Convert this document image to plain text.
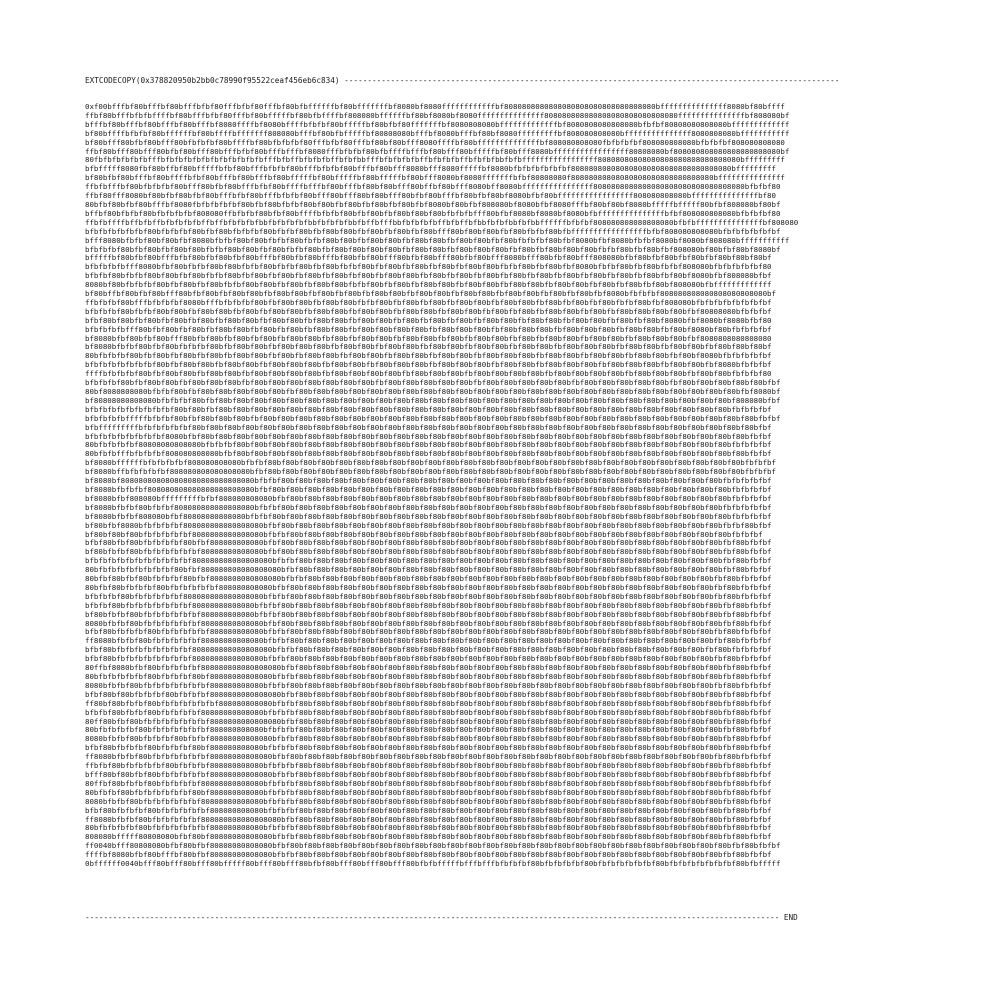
EXTCODECOPY(0x378820950b2bb0c78990f95522ceaf456eb6c834) -----------------------------------------------------------------------------------------------------------
0xf00bfffbf80bfffbf80bfffbfbf80fffbfbf80fffbf80bfbffffffbf80bfffffffbf8080bf8080ffffffffffffbf8080808080808080808080808080808080bfffffffffffffff8080bf80bffff
ffbf80bfffbfbfbffffbf80bfffbfbf80fffbf80bfffffbf80bfbffffbf808080bffffffbf80bf8080bf8080fffffffffffffff808080808080808080808080808080fffffffffffffffbf808080bf
bfffbf80bfffbf80bfffbf80bfffbf8080ffffbf8080bffffbfbfbf80bfffffbf80bfbf80fffffffbf8080808080bfffffffffffffbf8080808080808080bfbfbf80808080808080bfffffffffffff
bf80bffffbfbfbf80bffffffbf80bffffbfffffff808080bfffbf80bfbfffffbf80808080bfffbf8080bfffbf80bf8080fffffffffbf808080808080bfffffffffffffff8080808080bfffffffffff
bf80bfff80bfbf80bfff80bfbfbfbf80bffffbf80bfbfbfbf80fffbfbf80fffbf80bf80bfff8080ffffbf80bffffffffffffffbf808080808080fbfbfbfbf808080808080bfbfbfbf808080808080
ffbf80bfff80bfff80bfbf80bfff80bfffbfbf80bfffbfffbf8080fffbfbfbf80bfbffffbfffbf80bfff80bfffffbf80bfff8080bfffffffffffffffff80808080bf808080808080808080808080bf
80fbfbfbfbfbfbfffbfbfbfbfbfbfbfbfbfbfbfbfffbfbffbfbfbfbffbfbfbbfffbfbfbfbfbffbfbfbfbffbfbfbfbbfbfbfffffffffffffffff80808080808080808080808080808080bfffffffff
bfbfffff8080fbf80bffbf80bfffffbfbf80bfffbfbfbf80bfffbfbfbf80bfffbf80bfff8080bfff8080fffffbf8080bfbfbfbfbfbfbf808080808080808080808080808080808080bfffffffff
bf80bfbf80bfffbf80bffffbfbf80bfffbf80bfffbf80bfffffbf80bfffffbf80bfffffbf80bfff8080bf8080fffffffbfbf80808080f80808080808080808080808080808080bfffffffffffffff
ffbfbfffbf80bfbfbfbf80bfff80bfbf80bfffbfbf80bffffbfffbf80bfffbf80bf80bfff80bffbf80bfff8080bff8080bffffffffffffffff8080808080808080808080808080808080bfbfbf80
ffbf80fff8080bf80bfbf80bfbf80bfffbfbf80bfffbfbfbf80bfff80bfff80bf80bfff80bfbf80bfffbf80bfbf80bf8080bfbf80bfffffffffffffffff808080808080bfffffffffffffffbf80
80bfbf80bfbf80bfffbf8080fbfbfbfbfbf80bfbf80bfbfbf80bf80bfbf80bfbf80bfbf80bfbf8080bf80bfbf808080bf8080bfbf8080fffbf80bf80bf8080bfffffbfffff80bfbf808080bf80bf
bffbf80bfbfbf80bfbfbfbfbf808080ffbfbfbf80bfbf80bffffbfbfbf80bfbf80bfbf80bf80bf80bfbfbfbfff80bfbf8080bf8080bf8080bfbfffffffffffffffbfbf808080808080bfbfbfbf80
ffbfbffffbffbfbffbfbfbfbfbffbffbfbfbfbfbbfbfbfbfbfbbfbfbfbfbbfbffbfffbbfbfbfbfbffbfbffbfbbfbfbfbbfbfbbffffffbfbfbf808080808080808080bfbfbfffffffffffffffbf808080
bfbfbfbfbfbfbf80bfbfbfbf80bfbf80bfbfbfbf80bfbfbf80bfbf80bf80bfbf80bfbf80bfbf80bfff80bf80bf80bfbf80bfbfbf80bfbfffffffffffffffffbfbf808080808080bfbfbfbfbfbfbf
bfff8080bfbfbf80bf80bfbf8080bfbfbf80bf80bfbfbf80bfbfbf80bf80bfbf80bf80bfbf80bf80bfbf80bf80bfbf80bfbfbfbf80bfbf8080bfbf8080bfbfbf8080bf8080bf808080bfffffffffff
bfbfbfbf80bfbf80bfbf80bf80bfbfbf80bf80bfbf80bfbfbf80bfbf80bf80bf80bf80bfbf80bf80bfbf80bf80bf80bfbf80bfbf80bf80bf80bfbfbf80bfbf80bfbf808080bf80bfbf80bf8080bf
bfffffbf80bfbf80bfffbfbf80bfbf80bfbf80bfffbf80bfbf80bfffbf80bfbf80bfff80bfbf80bfff80bfbf80bfff8080bfff80bfbf80bfff808080bfbf80bfbf80bfbf80bfbf80bf80bf80bf
bfbfbfbfbfff8080bfbf80bfbfbf80bf80bfbfbf80bfbfbf80bfbf80bfbfbf80bfbf80bfbf80bfbf80bfbf80bf80bfbfbf80bfbf80bfbf8080bfbfbf80bfbf80bfbfbf808080bfbfbfbfbfbf80
bfbfbf80bfbfbf80bf80bfbf80bfbfbf80bfbf80bfbf80bfbf80bfbf80bfbf80bfbf80bf80bfbf80bfbf80bfbf80bfbf80bfbf80bfbf80bfbf80bfbf80bfbf80bfbf80bf8080bfbf808080bfbf
8080bf80bfbfbfbf80bfbf80bfbf80bfbfbf80bf80bfbf80bfbf80bf80bfbfbf80bfbf80bfbf80bf80bfbf80bf80bfbf80bf80bfbf80bf80bfbf80bfbf80bfbf80bf808080bfbfffffffffffff
bf80bffbf80bfbf80bfff80bfbf80bfbf80bf80bfbf80bf80bfbf80bfbf80bfbf80bf80bfbf80bf80bfbf80bf80bfbf80bf80bfbf80bfbf80bfbf8080bfbfbfbf808080808080808080808080bf
ffbfbfbf80bfffbfbfbfbf8080bfffbfbfbfbf80bfbf80bf80bfbf80bf80bfbfbf80bfbf80bfbf80bfbf80bf80bfbf80bf80bfbf80bfbf80bfbf80bfbfbf80bfbf808080bfbfbfbfbfbfbfbfbf
bfbfbfbf80bfbfbf80bf80bfbf80bf80bfbf80bfbf80bf80bfbf80bf80bfbf80bf80bfbf80bf80bfbf80bf80bfbf80bfbf80bfbf80bf80bfbf80bfbf80bf80bf80bf80bfbf80808080bfbfbfbf
bfbf80bf80bfbf80bfbf80bfbf80bfbf80bf80bfbf80bf80bfbf80bf80bfbf80bf80bfbf80bfbf80bfbf80bfbf80bf80bfbf80bf80bfbf80bf80bfbf80bfbf80bf8080bfbf8080bf8080bfbf80
bfbfbfbfbfff80bfbf80bfbf80bfbf80bf80bfbf80bfbf80bfbf80bf80bfbf80bf80bf80bf80bfbf80bf80bf80bfbf80bf80bf80bfbf80bf80bf80bfbf80bf80bfbf80bf8080bf80bfbfbfbfbf
bf8080bfbf80bfbf80bfff80bfbf80bfbf80bfbf80bfbf80bf80bfbf80bfbf80bf80bfbf80bf80bfbf80bfbf80bf80bfbf80bfbf80bf80bfbf80bf80bfbf80bf80bf80bfbf8080808080808080
bf8080bfbfbf80bfbf80bfbfbfbf80bfbf80bf80bfbf80bf80bf80bfbf80bf80bfbf80bf80bfbf80bf80bfbf80bf80bfbf80bf80bfbf80bf80bf80bfbf80bf80bfbf80bf80bfbf80bf80bf80bf
80bfbfbfbf80bfbf80bfbf80bfbf80bfbf80bf80bfbf80bfbf80bf80bfbf80bf80bfbf80bf80bfbf80bf80bfbf80bf80bf80bfbf80bf80bfbf80bf80bfbf80bf80bfbf80bf8080bfbfbfbfbfbf
bfbfbfbfbfbfbfbf80bfbf80bf80bfbf80bf80bfbf80bf80bf80bfbf80bf80bfbf80bf80bf80bfbf80bf80bf80bfbf80bf80bfbf80bf80bf80bfbf80bf80bf80bfbf80bf80bfbf8080bfbfbfbf
ffffbfbfbfbf80bfbf80bf80bfbf80bf80bfbf80bf80bf80bf80bfbf80bf80bf80bf80bfbf80bf80bf80bfbf80bf80bf80bf80bfbf80bf80bf80bf80bfbf80bf80bf80bfbf80bf80bfbfbfbf80
bfbfbfbf80bfbf80bf80bfbf80bf80bf80bfbf80bf80bf80bf80bf80bf80bf80bfbf80bf80bf80bf80bf80bfbf80bf80bf80bf80bf80bfbf80bf80bf80bf80bf80bfbf80bf80bf80bf80bf80bfbf
80bf8080808080bfbfbf80bfbf80bf80bf80bf80bf80bfbf80bf80bf80bf80bf80bf80bf80bf80bf80bf80bf80bf80bf80bf80bf80bf80bf80bf80bf80bf80bf80bf80bf80bf80bf80bfbf8080bf
bf80808080808080bfbfbfbf80bfbf80bf80bf80bf80bf80bf80bf80bf80bf80bf80bf80bf80bf80bf80bf80bf80bf80bf80bf80bf80bf80bf80bf80bf80bf80bf80bf80bf80bf80bf808080bfbf
bfbfbfbfbfbfbfbfbfbf80bf80bfbf80bf80bf80bf80bf80bf80bf80bf80bf80bf80bf80bf80bf80bf80bf80bf80bf80bf80bf80bf80bf80bf80bf80bf80bf80bf80bf80bf80bf80bfbfbfbfbf
bfbfbfbfbfffffbfbfbf80bfbf80bf80bf80bfbf80bf80bf80bf80bf80bf80bf80bf80bf80bf80bf80bf80bf80bf80bf80bf80bf80bf80bf80bf80bf80bf80bf80bf80bf80bf80bf80bf80bfbfbf
bfbfffffffffbfbfbfbfbfbf80bf80bf80bf80bf80bf80bf80bf80bf80bf80bf80bf80bf80bf80bf80bf80bf80bf80bf80bf80bf80bf80bf80bf80bf80bf80bf80bf80bf80bf80bf80bf80bfbf
bfbfbfbfbfbfbfbfbf8080bfbf80bf80bf80bf80bf80bf80bf80bf80bf80bf80bf80bf80bf80bf80bf80bf80bf80bf80bf80bf80bf80bf80bf80bf80bf80bf80bf80bf80bf80bf80bf80bfbfbf
80bfbfbfbfbf80808080808080bfbfbfbf80bf80bf80bf80bf80bf80bf80bf80bf80bf80bf80bf80bf80bf80bf80bf80bf80bf80bf80bf80bf80bf80bf80bf80bf80bf80bf80bf80bfbfbfbfbf
80bfbfbfffbfbfbfbf808080808080bfbf80bf80bf80bf80bf80bf80bf80bf80bf80bf80bf80bf80bf80bf80bf80bf80bf80bf80bf80bf80bf80bf80bf80bf80bf80bf80bf80bf80bf80bfbfbf
bf8080bffffffbfbfbfbfbf808080808080bfbfbf80bf80bf80bf80bf80bf80bf80bf80bf80bf80bf80bf80bf80bf80bf80bf80bf80bf80bf80bf80bf80bf80bf80bf80bf80bf80bf80bfbfbfbf
bf8080bffbfbfbfbfbf808080808080808080bfbf80bf80bf80bf80bf80bf80bf80bf80bf80bf80bf80bf80bf80bf80bf80bf80bf80bf80bf80bf80bf80bf80bf80bf80bf80bf80bf80bfbfbfbf
bf8080bf808080808080808080808080808080bfbfbf80bf80bf80bf80bf80bf80bf80bf80bf80bf80bf80bf80bf80bf80bf80bf80bf80bf80bf80bf80bf80bf80bf80bf80bf80bfbfbfbfbfbf
bf8080bfbfbfbf808080808080808080808080bfbf80bf80bf80bf80bf80bf80bf80bf80bf80bf80bf80bf80bf80bf80bf80bf80bf80bf80bf80bf80bf80bf80bf80bf80bf80bf80bfbfbfbfbf
bf8080bfbf808080bfffffffffbfbf808080808080bfbf80bf80bf80bf80bf80bf80bf80bf80bf80bf80bf80bf80bf80bf80bf80bf80bf80bf80bf80bf80bf80bf80bf80bf80bf80bfbfbfbfbf
bf8080bfbfbf80bfbfbf808080808080808080bfbfbf80bf80bf80bf80bf80bf80bf80bf80bf80bf80bf80bf80bf80bf80bf80bf80bf80bf80bf80bf80bf80bf80bf80bf80bf80bfbfbfbfbfbf
bf8080bfbfbf808080bfbf80808080808080bfbfbf80bf80bf80bf80bf80bf80bf80bf80bf80bf80bf80bf80bf80bf80bf80bf80bf80bf80bf80bf80bf80bf80bf80bf80bf80bf80bfbfbfbfbf
bf80bfbf8080bfbfbfbfbf808080808080808080bfbf80bf80bf80bf80bf80bf80bf80bf80bf80bf80bf80bf80bf80bf80bf80bf80bf80bf80bf80bf80bf80bf80bf80bf80bf80bfbfbf80bfbf
bf80bf80bf80bfbfbfbfbfbf8080808080808080bfbfbf80bf80bf80bf80bf80bf80bf80bf80bf80bf80bf80bf80bf80bf80bf80bf80bf80bf80bf80bf80bf80bf80bf80bf80bf80bfbfbfbf
bfbf80bfbf80bfbfbfbfbf80bfbf808080808080bfbf80bf80bf80bf80bf80bf80bf80bf80bf80bf80bf80bf80bf80bf80bf80bf80bf80bf80bf80bf80bf80bf80bf80bf80bf80bfbf80bfbfbf
bf80bfbfbf80bfbfbfbfbfbfbf80808080808080bfbf80bf80bf80bf80bf80bf80bf80bf80bf80bf80bf80bf80bf80bf80bf80bf80bf80bf80bf80bf80bf80bf80bf80bf80bf80bfbf80bfbfbf
bfbfbfbfbfbfbfbfbfbfbfbf808080808080808080bfbfbf80bf80bf80bf80bf80bf80bf80bf80bf80bf80bf80bf80bf80bf80bf80bf80bf80bf80bf80bf80bf80bf80bf80bf80bfbf80bfbfbf
80bfbfbfbfbfbfbfbfbf80bfbf808080808080808080bfbf80bf80bf80bf80bf80bf80bf80bf80bf80bf80bf80bf80bf80bf80bf80bf80bf80bf80bf80bf80bf80bf80bf80bf80bfbf80bfbfbf
80bfbf80bfbf80bfbfbfbf80bfbf8080808080808080bfbfbf80bf80bf80bf80bf80bf80bf80bf80bf80bf80bf80bf80bf80bf80bf80bf80bf80bf80bf80bf80bf80bf80bf80bfbf80bfbfbfbf
80bfbf80bfbfbfbf80bfbfbfbfbfbf808080808080bfbf80bf80bf80bf80bf80bf80bf80bf80bf80bf80bf80bf80bf80bf80bf80bf80bf80bf80bf80bf80bf80bf80bf80bf80bfbf80bfbfbfbf
bfbfbfbf80bfbfbfbfbfbf808080808080808080bfbfbf80bf80bf80bf80bf80bf80bf80bf80bf80bf80bf80bf80bf80bf80bf80bf80bf80bf80bf80bf80bf80bf80bf80bf80bfbf80bfbfbfbf
bfbfbf80bfbfbfbfbfbfbfbf80808080808080bfbfbf80bf80bf80bf80bf80bf80bf80bf80bf80bf80bf80bf80bf80bf80bf80bf80bf80bf80bf80bf80bf80bf80bf80bf80bf80bfbf80bfbfbf
bf80bfbfbf80bfbfbfbfbfbfbf808080808080bfbfbf80bf80bf80bf80bf80bf80bf80bf80bf80bf80bf80bf80bf80bf80bf80bf80bf80bf80bf80bf80bf80bf80bf80bf80bf80bfbf80bfbfbf
8080bfbfbf80bfbfbfbfbfbfbf80808080808080bfbf80bf80bf80bf80bf80bf80bf80bf80bf80bf80bf80bf80bf80bf80bf80bf80bf80bf80bf80bf80bf80bf80bf80bf80bf80bfbf80bfbfbf
bfbf80bfbfbfbf80bfbfbfbfbfbf808080808080bfbfbf80bf80bf80bf80bf80bf80bf80bf80bf80bf80bf80bf80bf80bf80bf80bf80bf80bf80bf80bf80bf80bf80bf80bf80bfbf80bfbfbfbf
ff8080bfbfbf80bfbfbfbfbfbf80808080808080bfbfbf80bf80bf80bf80bf80bf80bf80bf80bf80bf80bf80bf80bf80bf80bf80bf80bf80bf80bf80bf80bf80bf80bf80bf80bfbf80bfbfbfbf
bfbf80bfbfbfbfbfbfbfbfbf808080808080808080bfbfbf80bf80bf80bf80bf80bf80bf80bf80bf80bf80bf80bf80bf80bf80bf80bf80bf80bf80bf80bf80bf80bf80bf80bfbf80bfbfbfbfbf
bfbf80bfbfbfbfbfbfbfbfbf8080808080808080bfbfbf80bf80bf80bf80bf80bf80bf80bf80bf80bf80bf80bf80bf80bf80bf80bf80bf80bf80bf80bf80bf80bf80bf80bf80bfbf80bfbfbfbf
80ffbf8080bfbf80bfbfbfbfbf808080808080808080bfbf80bf80bf80bf80bf80bf80bf80bf80bf80bf80bf80bf80bf80bf80bf80bf80bf80bf80bf80bf80bf80bf80bf80bf80bfbf80bfbfbf
80bfbfbfbfbfbf80bfbfbfbf80bf80808080808080bfbfbf80bf80bf80bf80bf80bf80bf80bf80bf80bf80bf80bf80bf80bf80bf80bf80bf80bf80bf80bf80bf80bf80bf80bf80bfbf80bfbfbf
8080bfbfbf80bfbfbfbfbfbfbfbf808080808080bfbfbf80bf80bf80bf80bf80bf80bf80bf80bf80bf80bf80bf80bf80bf80bf80bf80bf80bf80bf80bf80bf80bf80bf80bf80bfbf80bfbfbfbf
bfbf80bf80bfbfbfbf80bfbfbfbf8080808080808080bfbf80bf80bf80bf80bf80bf80bf80bf80bf80bf80bf80bf80bf80bf80bf80bf80bf80bf80bf80bf80bf80bf80bf80bf80bfbf80bfbfbf
ff80bf80bfbfbf80bfbfbfbfbfbfbf808080808080bfbfbf80bf80bf80bf80bf80bf80bf80bf80bf80bf80bf80bf80bf80bf80bf80bf80bf80bf80bf80bf80bf80bf80bf80bf80bfbf80bfbfbf
bfbfbf80bfbfbf80bfbfbfbfbf80808080808080bfbfbfbf80bf80bf80bf80bf80bf80bf80bf80bf80bf80bf80bf80bf80bf80bf80bf80bf80bf80bf80bf80bf80bf80bf80bf80bfbf80bfbfbf
80ff80bfbf80bfbfbfbfbfbfbfbf8080808080808080bfbf80bf80bf80bf80bf80bf80bf80bf80bf80bf80bf80bf80bf80bf80bf80bf80bf80bf80bf80bf80bf80bf80bf80bf80bfbf80bfbfbf
80bfbfbfbfbf80bfbfbfbfbfbfbf808080808080bfbfbfbf80bf80bf80bf80bf80bf80bf80bf80bf80bf80bf80bf80bf80bf80bf80bf80bf80bf80bf80bf80bf80bf80bf80bf80bfbf80bfbfbf
8080bfbfbf80bfbfbfbf80bfbfbf80808080808080bfbfbf80bf80bf80bf80bf80bf80bf80bf80bf80bf80bf80bf80bf80bf80bf80bf80bf80bf80bf80bf80bf80bf80bf80bf80bfbf80bfbfbf
bfbf80bfbfbfbf80bfbfbfbf80bf808080808080bfbfbfbf80bf80bf80bf80bf80bf80bf80bf80bf80bf80bf80bf80bf80bf80bf80bf80bf80bf80bf80bf80bf80bf80bf80bf80bfbf80bfbfbf
ff8080bfbfbf80bfbfbfbfbfbfbf80808080808080bfbf80bf80bf80bf80bf80bf80bf80bf80bf80bf80bf80bf80bf80bf80bf80bf80bf80bf80bf80bf80bf80bf80bf80bf80bfbf80bfbfbfbf
ffbfbf80bfbfbfbfbf80bfbfbfbf808080808080bfbfbfbf80bf80bf80bf80bf80bf80bf80bf80bf80bf80bf80bf80bf80bf80bf80bf80bf80bf80bf80bf80bf80bf80bf80bf80bfbf80bfbfbf
bfff80bf80bfbf80bfbfbfbfbfbf80808080808080bfbfbf80bf80bf80bf80bf80bf80bf80bf80bf80bf80bf80bf80bf80bf80bf80bf80bf80bf80bf80bf80bf80bf80bf80bf80bfbf80bfbfbf
80ffbf80bfbfbf80bfbfbfbfbf80808080808080bfbfbfbf80bf80bf80bf80bf80bf80bf80bf80bf80bf80bf80bf80bf80bf80bf80bf80bf80bf80bf80bf80bf80bf80bf80bf80bfbf80bfbfbf
80bfbfbf80bfbfbfbfbfbfbf80bf808080808080bfbfbfbf80bf80bf80bf80bf80bf80bf80bf80bf80bf80bf80bf80bf80bf80bf80bf80bf80bf80bf80bf80bf80bf80bf80bf80bfbf80bfbfbf
8080bfbfbf80bfbfbfbfbfbfbf80808080808080bfbfbfbf80bf80bf80bf80bf80bf80bf80bf80bf80bf80bf80bf80bf80bf80bf80bf80bf80bf80bf80bf80bf80bf80bf80bf80bfbf80bfbfbf
bfbf80bfbfbfbf80bfbfbfbfbfbf808080808080bfbfbfbf80bf80bf80bf80bf80bf80bf80bf80bf80bf80bf80bf80bf80bf80bf80bf80bf80bf80bf80bf80bf80bf80bf80bf80bfbf80bfbfbf
ff8080bfbfbf80bfbfbfbfbfbf808080808080808080bfbf80bf80bf80bf80bf80bf80bf80bf80bf80bf80bf80bf80bf80bf80bf80bf80bf80bf80bf80bf80bf80bf80bf80bf80bfbf80bfbfbf
80bfbfbfbfbf80bfbfbfbfbfbfbf808080808080bfbfbfbf80bf80bf80bf80bf80bf80bf80bf80bf80bf80bf80bf80bf80bf80bf80bf80bf80bf80bf80bf80bf80bf80bf80bf80bfbf80bfbfbf
808080bfffff80808080bfbf80bf80808080808080bfbfbf80bf80bf80bf80bf80bf80bf80bf80bf80bf80bf80bf80bf80bf80bf80bf80bf80bf80bf80bf80bf80bf80bf80bf80bfbf80bfbfbf
ff0040bfff80808080bfbf80bfbf80808080808080bfbf80bf80bf80bf80bf80bf80bf80bf80bf80bf80bf80bf80bf80bf80bf80bf80bf80bf80bf80bf80bf80bf80bf80bf80bf80bfbf80bfbfbf
ffffbf8080bfbf80bfffbf80bfbf80808080808080bfbfbf80bf80bf80bf80bf80bf80bf80bf80bf80bf80bf80bf80bf80bf80bf80bf80bf80bf80bf80bf80bf80bf80bf80bf80bfbf80bfbfbf
0bffffff0040bfff80bfff80bfff80bfffff80bfff80bfff80bfbf80bfff80bfff80bfff80bfbfbfffffbfffbfffbfbfbfbf80bfbfbfbfbf80bfbfbfbfbfbfbf80bfbfbfbfbfbfbfbf80bfbfffff
------------------------------------------------------------------------------------------------------------------------------------------------------ END
